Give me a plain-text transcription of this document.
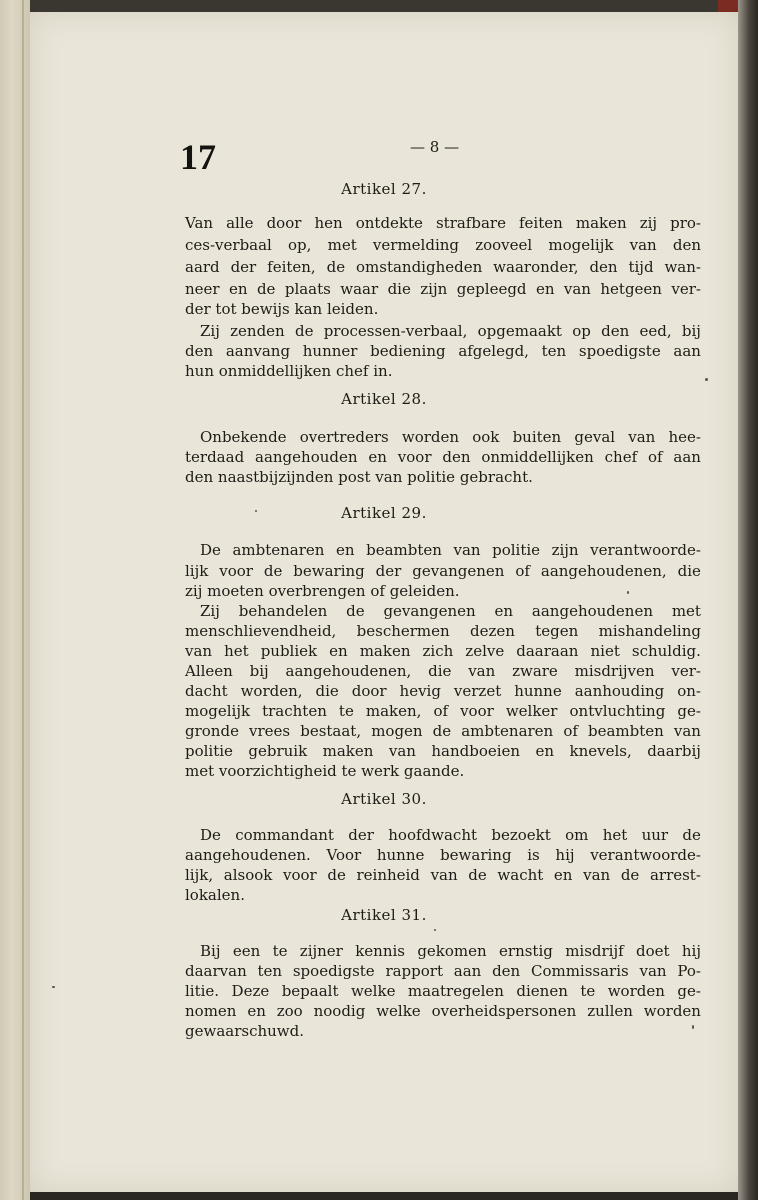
17	— 8 —
Artikel 27.
Van alle door hen ontdekte strafbare feiten maken zij pro-
ces-verbaal op, met vermelding zooveel mogelijk van den
aard der feiten, de omstandigheden waaronder, den tijd wan-
neer en de plaats waar die zijn gepleegd en van hetgeen ver-
der tot bewijs kan leiden.
Zij zenden de processen-verbaal, opgemaakt op den eed, bij
den aanvang hunner bediening afgelegd, ten spoedigste aan
hun onmiddellijken chef in.
Artikel 28.
Onbekende overtreders worden ook buiten geval van hee-
terdaad aangehouden en voor den onmiddellijken chef of aan
den naastbijzijnden post van politie gebracht.
Artikel 29.
De ambtenaren en beambten van politie zijn verantwoorde-
lijk voor de bewaring der gevangenen of aangehoudenen, die
zij moeten overbrengen of geleiden.
Zij behandelen de gevangenen en aangehoudenen met
menschlievendheid, beschermen dezen tegen mishandeling
van het publiek en maken zich zelve daaraan niet schuldig.
Alleen bij aangehoudenen, die van zware misdrijven ver-
dacht worden, die door hevig verzet hunne aanhouding on-
mogelijk trachten te maken, of voor welker ontvluchting ge-
gronde vrees bestaat, mogen de ambtenaren of beambten van
politie gebruik maken van handboeien en knevels, daarbij
met voorzichtigheid te werk gaande.
Artikel 30.
De commandant der hoofdwacht bezoekt om het uur de
aangehoudenen. Voor hunne bewaring is hij verantwoorde-
lijk, alsook voor de reinheid van de wacht en van de arrest-
lokalen.
Artikel 31.
Bij een te zijner kennis gekomen ernstig misdrijf doet hij
daarvan ten spoedigste rapport aan den Commissaris van Po-
litie. Deze bepaalt welke maatregelen dienen te worden ge-
nomen en zoo noodig welke overheidspersonen zullen worden
gewaarschuwd.
